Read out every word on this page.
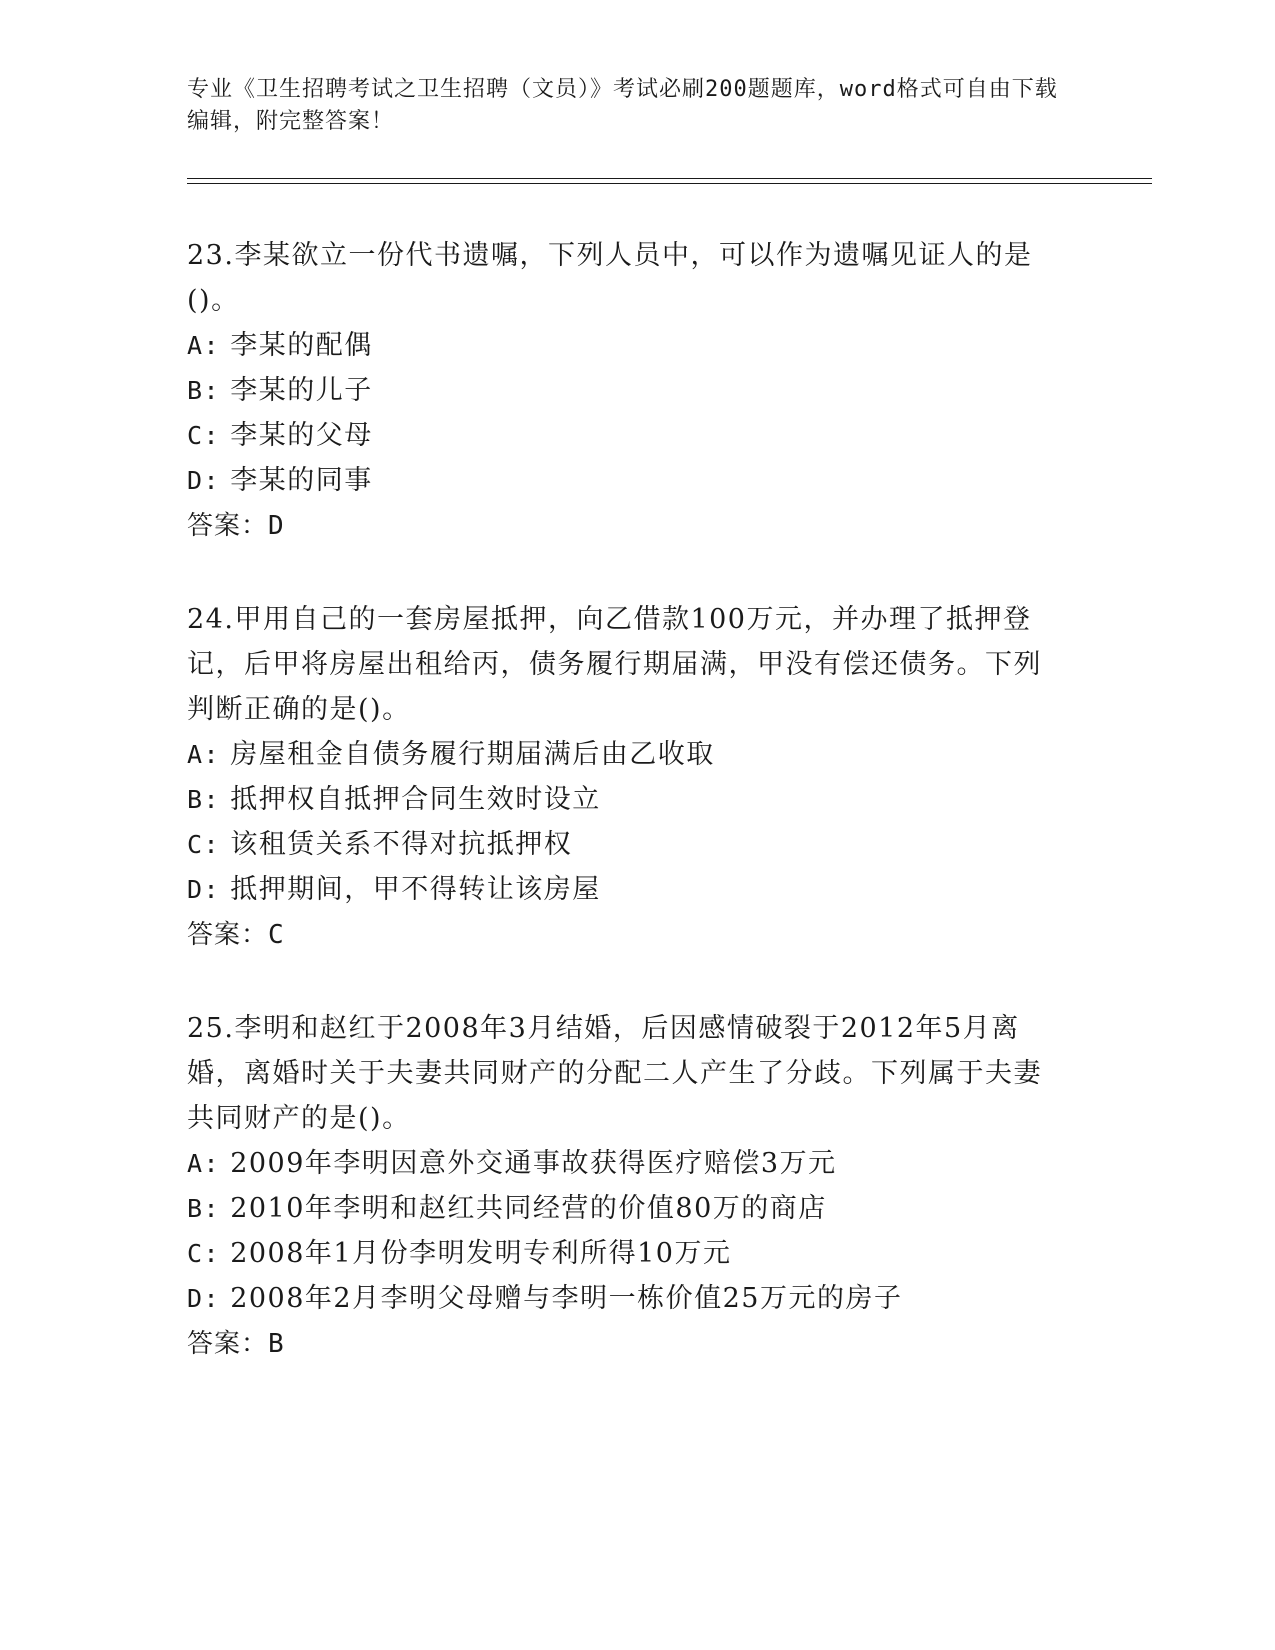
专业《卫生招聘考试之卫生招聘（文员）》考试必刷200题题库，word格式可自由下载编辑，附完整答案！

23.李某欲立一份代书遗嘱，下列人员中，可以作为遗嘱见证人的是()。

A: 李某的配偶

B: 李某的儿子

C: 李某的父母

D: 李某的同事

答案：D

24.甲用自己的一套房屋抵押，向乙借款100万元，并办理了抵押登记，后甲将房屋出租给丙，债务履行期届满，甲没有偿还债务。下列判断正确的是()。

A: 房屋租金自债务履行期届满后由乙收取

B: 抵押权自抵押合同生效时设立

C: 该租赁关系不得对抗抵押权

D: 抵押期间，甲不得转让该房屋

答案：C

25.李明和赵红于2008年3月结婚，后因感情破裂于2012年5月离婚，离婚时关于夫妻共同财产的分配二人产生了分歧。下列属于夫妻共同财产的是()。

A: 2009年李明因意外交通事故获得医疗赔偿3万元

B: 2010年李明和赵红共同经营的价值80万的商店

C: 2008年1月份李明发明专利所得10万元

D: 2008年2月李明父母赠与李明一栋价值25万元的房子

答案：B
